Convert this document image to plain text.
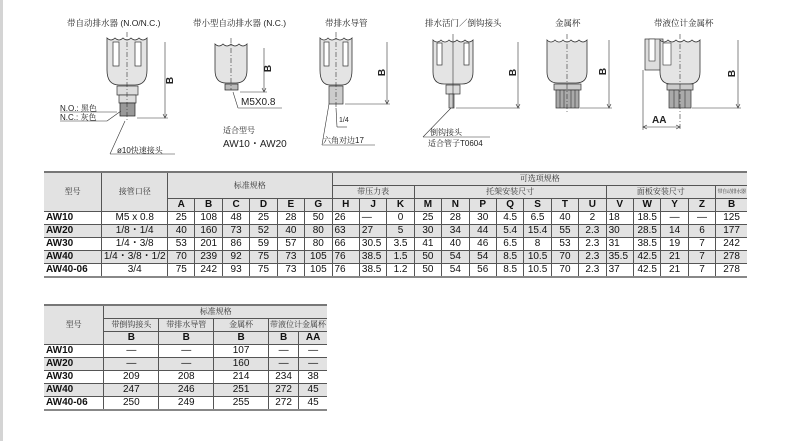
带自动排水器 (N.O/N.C.)
B
N.O.: 黑色
N.C.: 灰色
ø10快速接头
带小型自动排水器 (N.C.)
B
M5X0.8
适合型号
AW10・AW20
带排水导管
B
1/4
六角对边17
排水活门／倒钩接头
B
倒钩接头
适合管子T0604
金属杯
B
带液位计金属杯
B
AA
型号	接管口径	标准规格						可选项规格														
								带压力表			托架安装尺寸							面板安装尺寸				带自动排水器
		A	B	C	D	E	G	H	J	K	M	N	P	Q	S	T	U	V	W	Y	Z	B
AW10	M5 x 0.8	25	108	48	25	28	50	26	—	0	25	28	30	4.5	6.5	40	2	18	18.5	—	—	125
AW20	1/8・1/4	40	160	73	52	40	80	63	27	5	30	34	44	5.4	15.4	55	2.3	30	28.5	14	6	177
AW30	1/4・3/8	53	201	86	59	57	80	66	30.5	3.5	41	40	46	6.5	8	53	2.3	31	38.5	19	7	242
AW40	1/4・3/8・1/2	70	239	92	75	73	105	76	38.5	1.5	50	54	54	8.5	10.5	70	2.3	35.5	42.5	21	7	278
AW40-06	3/4	75	242	93	75	73	105	76	38.5	1.2	50	54	56	8.5	10.5	70	2.3	37	42.5	21	7	278
型号	标准规格				
	带倒钩接头	带排水导管	金属杯	带液位计金属杯	
	B	B	B	B	AA
AW10	—	—	107	—	—
AW20	—	—	160	—	—
AW30	209	208	214	234	38
AW40	247	246	251	272	45
AW40-06	250	249	255	272	45
